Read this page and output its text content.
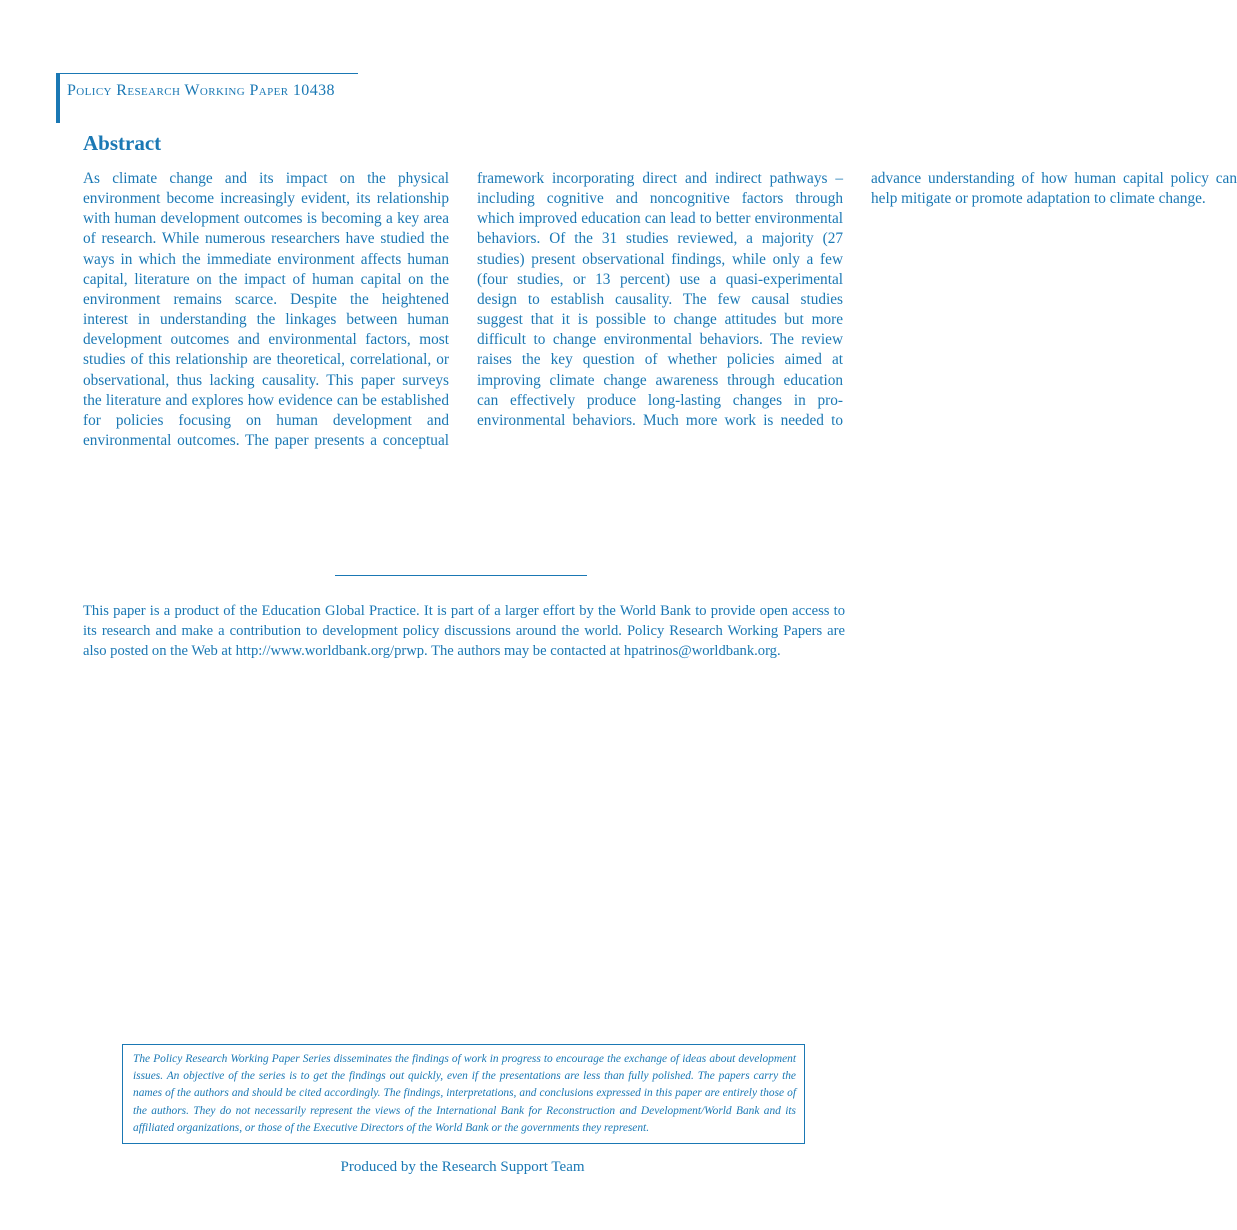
Policy Research Working Paper 10438
Abstract
As climate change and its impact on the physical environment become increasingly evident, its relationship with human development outcomes is becoming a key area of research. While numerous researchers have studied the ways in which the immediate environment affects human capital, literature on the impact of human capital on the environment remains scarce. Despite the heightened interest in understanding the linkages between human development outcomes and environmental factors, most studies of this relationship are theoretical, correlational, or observational, thus lacking causality. This paper surveys the literature and explores how evidence can be established for policies focusing on human development and environmental outcomes. The paper presents a conceptual framework incorporating direct and indirect pathways – including cognitive and noncognitive factors through which improved education can lead to better environmental behaviors. Of the 31 studies reviewed, a majority (27 studies) present observational findings, while only a few (four studies, or 13 percent) use a quasi-experimental design to establish causality. The few causal studies suggest that it is possible to change attitudes but more difficult to change environmental behaviors. The review raises the key question of whether policies aimed at improving climate change awareness through education can effectively produce long-lasting changes in pro-environmental behaviors. Much more work is needed to advance understanding of how human capital policy can help mitigate or promote adaptation to climate change.
This paper is a product of the Education Global Practice. It is part of a larger effort by the World Bank to provide open access to its research and make a contribution to development policy discussions around the world. Policy Research Working Papers are also posted on the Web at http://www.worldbank.org/prwp. The authors may be contacted at hpatrinos@worldbank.org.

The Policy Research Working Paper Series disseminates the findings of work in progress to encourage the exchange of ideas about development issues. An objective of the series is to get the findings out quickly, even if the presentations are less than fully polished. The papers carry the names of the authors and should be cited accordingly. The findings, interpretations, and conclusions expressed in this paper are entirely those of the authors. They do not necessarily represent the views of the International Bank for Reconstruction and Development/World Bank and its affiliated organizations, or those of the Executive Directors of the World Bank or the governments they represent.

Produced by the Research Support Team
